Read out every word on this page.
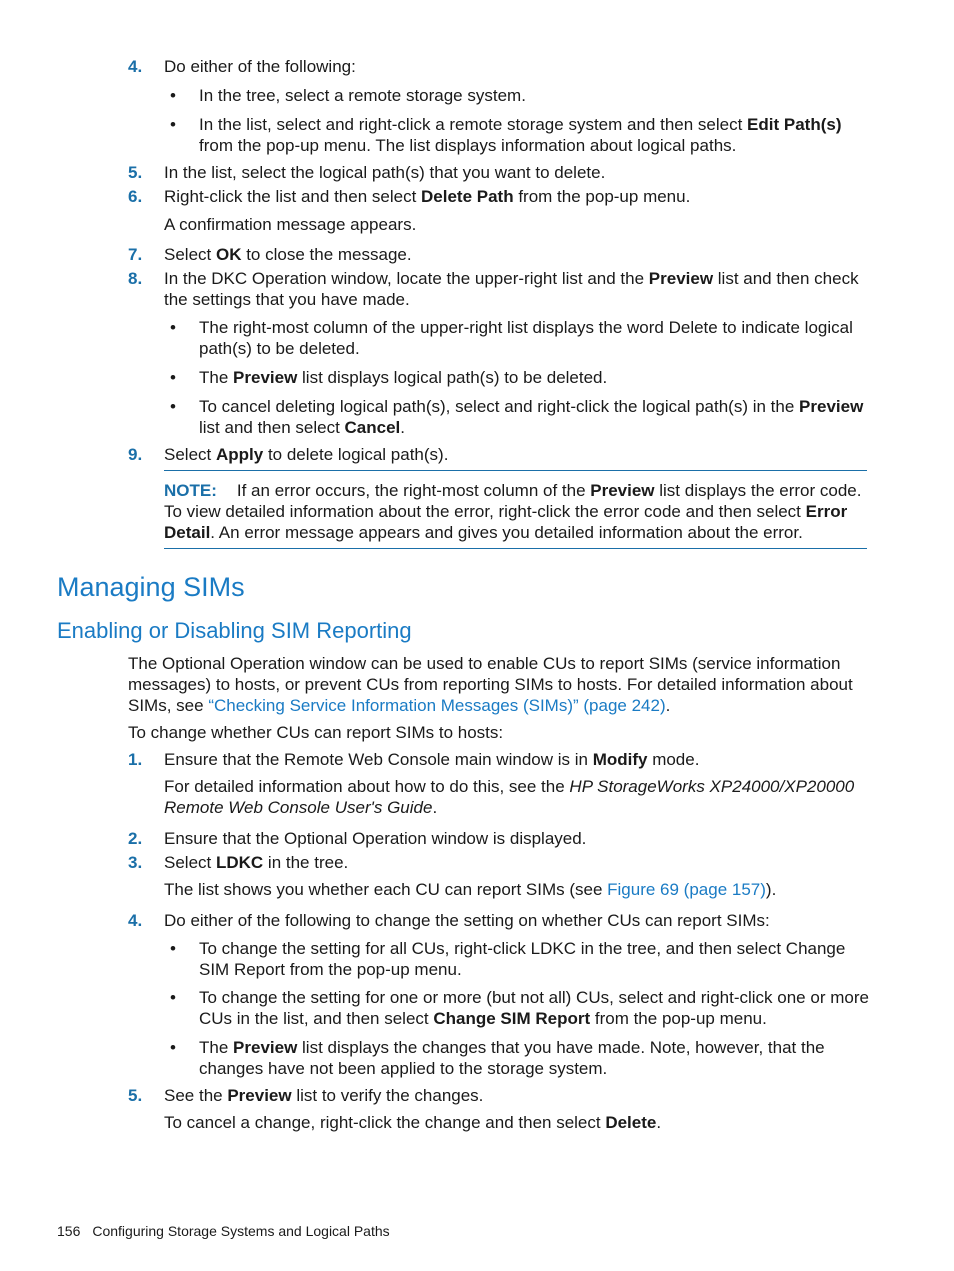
4. Do either of the following:
• In the tree, select a remote storage system.
• In the list, select and right-click a remote storage system and then select Edit Path(s) from the pop-up menu. The list displays information about logical paths.
5. In the list, select the logical path(s) that you want to delete.
6. Right-click the list and then select Delete Path from the pop-up menu.
A confirmation message appears.
7. Select OK to close the message.
8. In the DKC Operation window, locate the upper-right list and the Preview list and then check the settings that you have made.
• The right-most column of the upper-right list displays the word Delete to indicate logical path(s) to be deleted.
• The Preview list displays logical path(s) to be deleted.
• To cancel deleting logical path(s), select and right-click the logical path(s) in the Preview list and then select Cancel.
9. Select Apply to delete logical path(s).
NOTE: If an error occurs, the right-most column of the Preview list displays the error code. To view detailed information about the error, right-click the error code and then select Error Detail. An error message appears and gives you detailed information about the error.
Managing SIMs
Enabling or Disabling SIM Reporting
The Optional Operation window can be used to enable CUs to report SIMs (service information messages) to hosts, or prevent CUs from reporting SIMs to hosts. For detailed information about SIMs, see “Checking Service Information Messages (SIMs)” (page 242).
To change whether CUs can report SIMs to hosts:
1. Ensure that the Remote Web Console main window is in Modify mode.
For detailed information about how to do this, see the HP StorageWorks XP24000/XP20000 Remote Web Console User's Guide.
2. Ensure that the Optional Operation window is displayed.
3. Select LDKC in the tree.
The list shows you whether each CU can report SIMs (see Figure 69 (page 157)).
4. Do either of the following to change the setting on whether CUs can report SIMs:
• To change the setting for all CUs, right-click LDKC in the tree, and then select Change SIM Report from the pop-up menu.
• To change the setting for one or more (but not all) CUs, select and right-click one or more CUs in the list, and then select Change SIM Report from the pop-up menu.
• The Preview list displays the changes that you have made. Note, however, that the changes have not been applied to the storage system.
5. See the Preview list to verify the changes.
To cancel a change, right-click the change and then select Delete.
156 Configuring Storage Systems and Logical Paths
